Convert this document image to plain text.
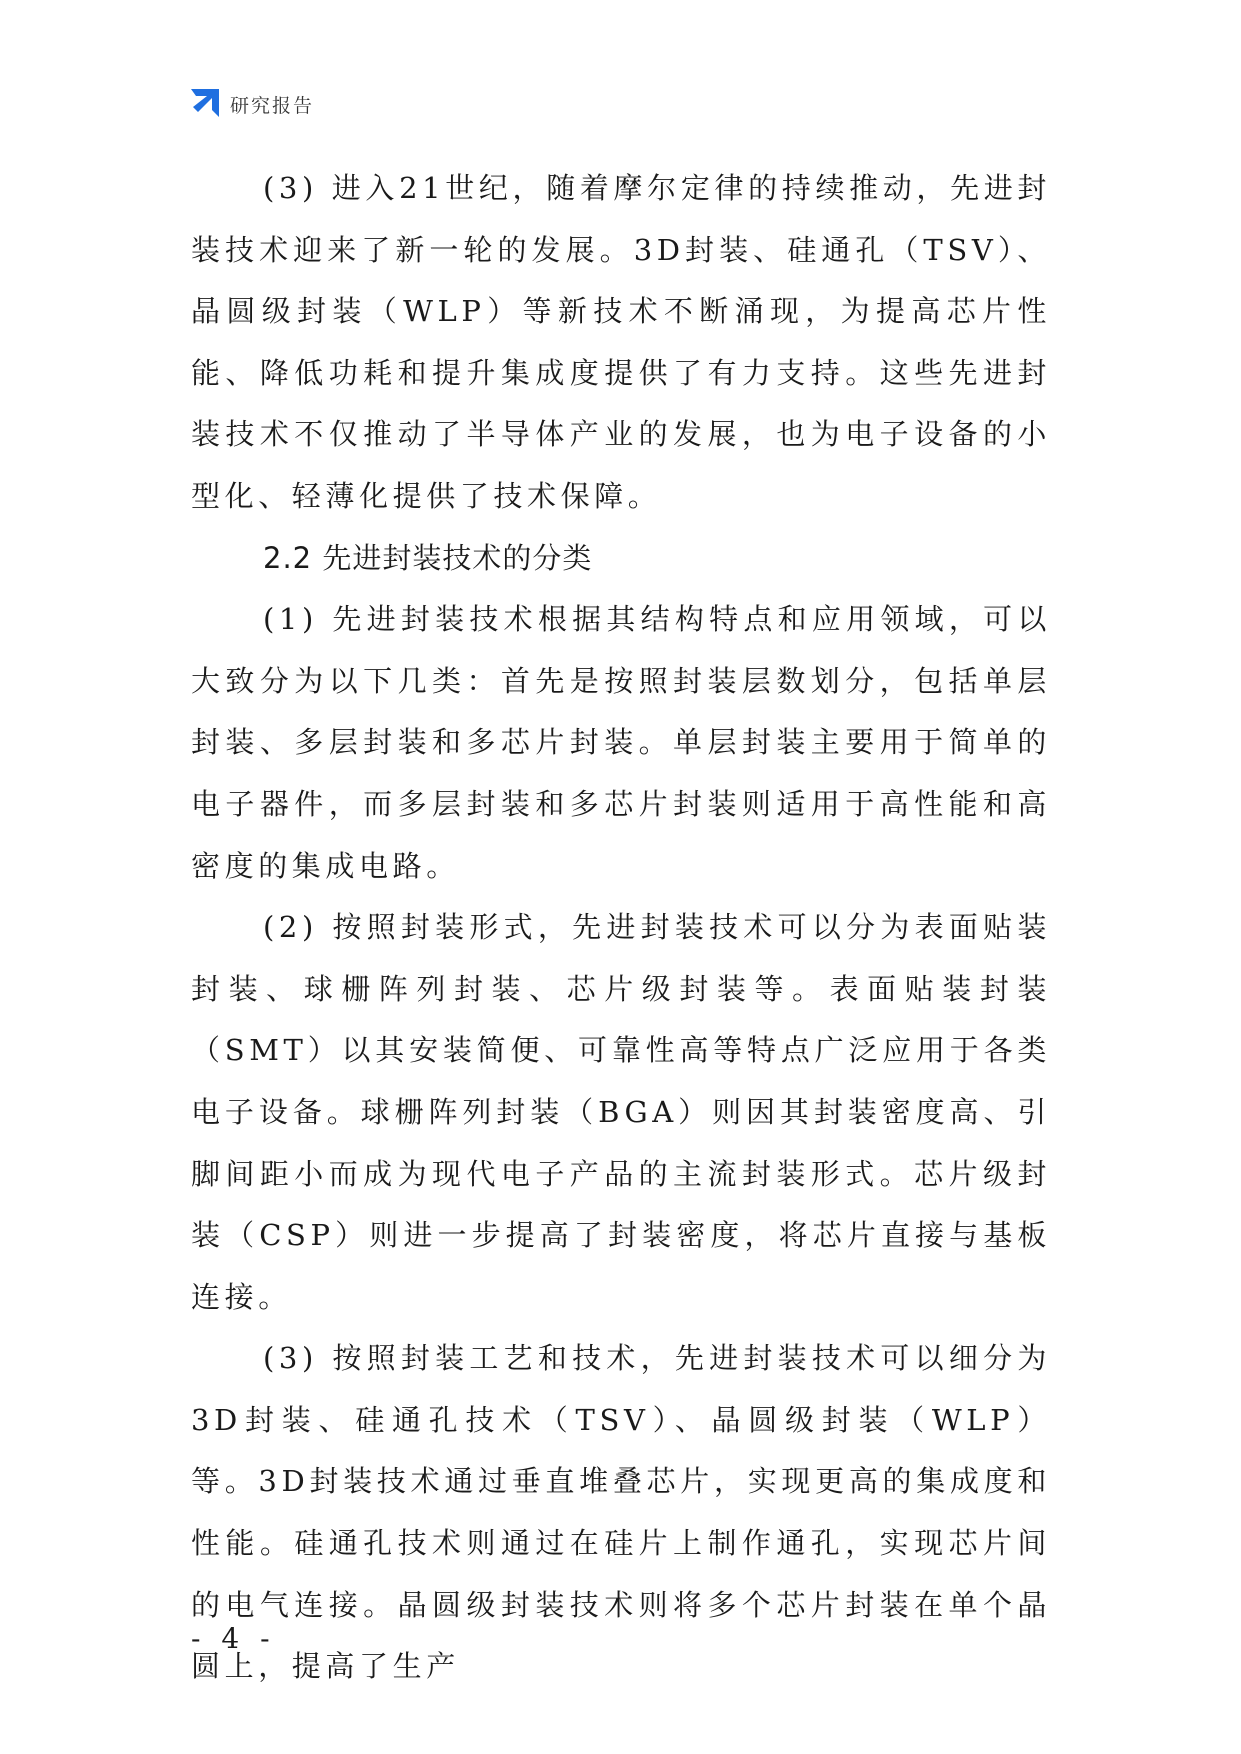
研究报告

(3) 进入21世纪，随着摩尔定律的持续推动，先进封装技术迎来了新一轮的发展。3D封装、硅通孔（TSV）、晶圆级封装（WLP）等新技术不断涌现，为提高芯片性能、降低功耗和提升集成度提供了有力支持。这些先进封装技术不仅推动了半导体产业的发展，也为电子设备的小型化、轻薄化提供了技术保障。

2.2 先进封装技术的分类

(1) 先进封装技术根据其结构特点和应用领域，可以大致分为以下几类：首先是按照封装层数划分，包括单层封装、多层封装和多芯片封装。单层封装主要用于简单的电子器件，而多层封装和多芯片封装则适用于高性能和高密度的集成电路。

(2) 按照封装形式，先进封装技术可以分为表面贴装封装、球栅阵列封装、芯片级封装等。表面贴装封装（SMT）以其安装简便、可靠性高等特点广泛应用于各类电子设备。球栅阵列封装（BGA）则因其封装密度高、引脚间距小而成为现代电子产品的主流封装形式。芯片级封装（CSP）则进一步提高了封装密度，将芯片直接与基板连接。

(3) 按照封装工艺和技术，先进封装技术可以细分为3D封装、硅通孔技术（TSV）、晶圆级封装（WLP）等。3D封装技术通过垂直堆叠芯片，实现更高的集成度和性能。硅通孔技术则通过在硅片上制作通孔，实现芯片间的电气连接。晶圆级封装技术则将多个芯片封装在单个晶圆上，提高了生产

- 4 -
